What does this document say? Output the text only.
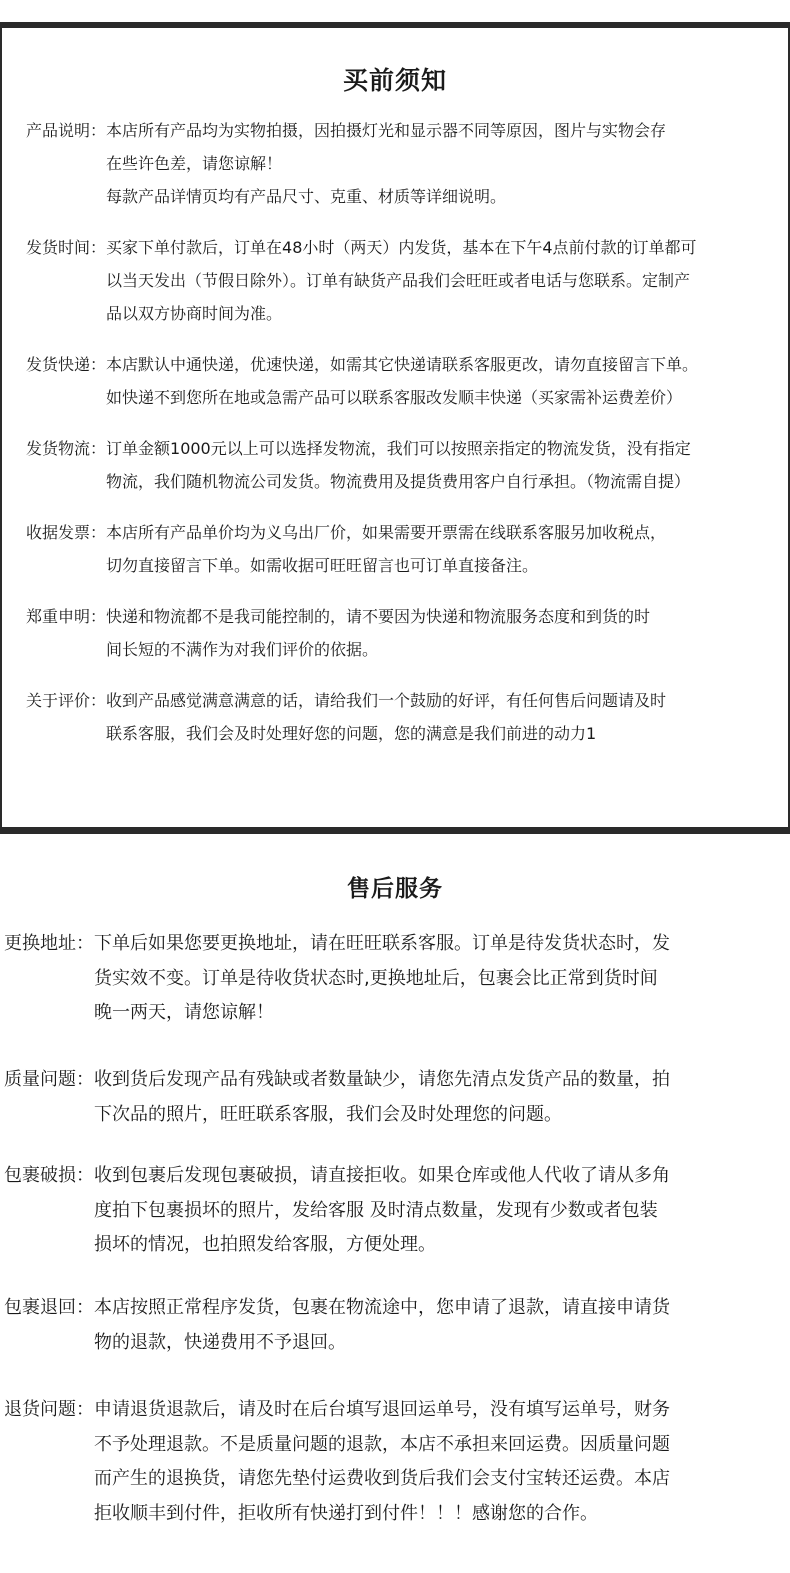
买前须知
产品说明： 本店所有产品均为实物拍摄，因拍摄灯光和显示器不同等原因，图片与实物会存

在些许色差，请您谅解！

每款产品详情页均有产品尺寸、克重、材质等详细说明。

发货时间： 买家下单付款后，订单在48小时（两天）内发货，基本在下午4点前付款的订单都可

以当天发出（节假日除外）。订单有缺货产品我们会旺旺或者电话与您联系。定制产

品以双方协商时间为准。

发货快递： 本店默认中通快递，优速快递，如需其它快递请联系客服更改，请勿直接留言下单。

如快递不到您所在地或急需产品可以联系客服改发顺丰快递（买家需补运费差价）

发货物流： 订单金额1000元以上可以选择发物流，我们可以按照亲指定的物流发货，没有指定

物流，我们随机物流公司发货。物流费用及提货费用客户自行承担。（物流需自提）

收据发票： 本店所有产品单价均为义乌出厂价，如果需要开票需在线联系客服另加收税点，

切勿直接留言下单。如需收据可旺旺留言也可订单直接备注。

郑重申明： 快递和物流都不是我司能控制的，请不要因为快递和物流服务态度和到货的时

间长短的不满作为对我们评价的依据。

关于评价： 收到产品感觉满意满意的话，请给我们一个鼓励的好评，有任何售后问题请及时

联系客服，我们会及时处理好您的问题，您的满意是我们前进的动力1

售后服务
更换地址： 下单后如果您要更换地址，请在旺旺联系客服。订单是待发货状态时，发

货实效不变。订单是待收货状态时,更换地址后，包裹会比正常到货时间

晚一两天，请您谅解！

质量问题： 收到货后发现产品有残缺或者数量缺少，请您先清点发货产品的数量，拍

下次品的照片，旺旺联系客服，我们会及时处理您的问题。

包裹破损： 收到包裹后发现包裹破损，请直接拒收。如果仓库或他人代收了请从多角

度拍下包裹损坏的照片，发给客服 及时清点数量，发现有少数或者包装

损坏的情况，也拍照发给客服，方便处理。

包裹退回： 本店按照正常程序发货，包裹在物流途中，您申请了退款，请直接申请货

物的退款，快递费用不予退回。

退货问题： 申请退货退款后，请及时在后台填写退回运单号，没有填写运单号，财务

不予处理退款。不是质量问题的退款，本店不承担来回运费。因质量问题

而产生的退换货，请您先垫付运费收到货后我们会支付宝转还运费。本店

拒收顺丰到付件，拒收所有快递打到付件！！！感谢您的合作。
